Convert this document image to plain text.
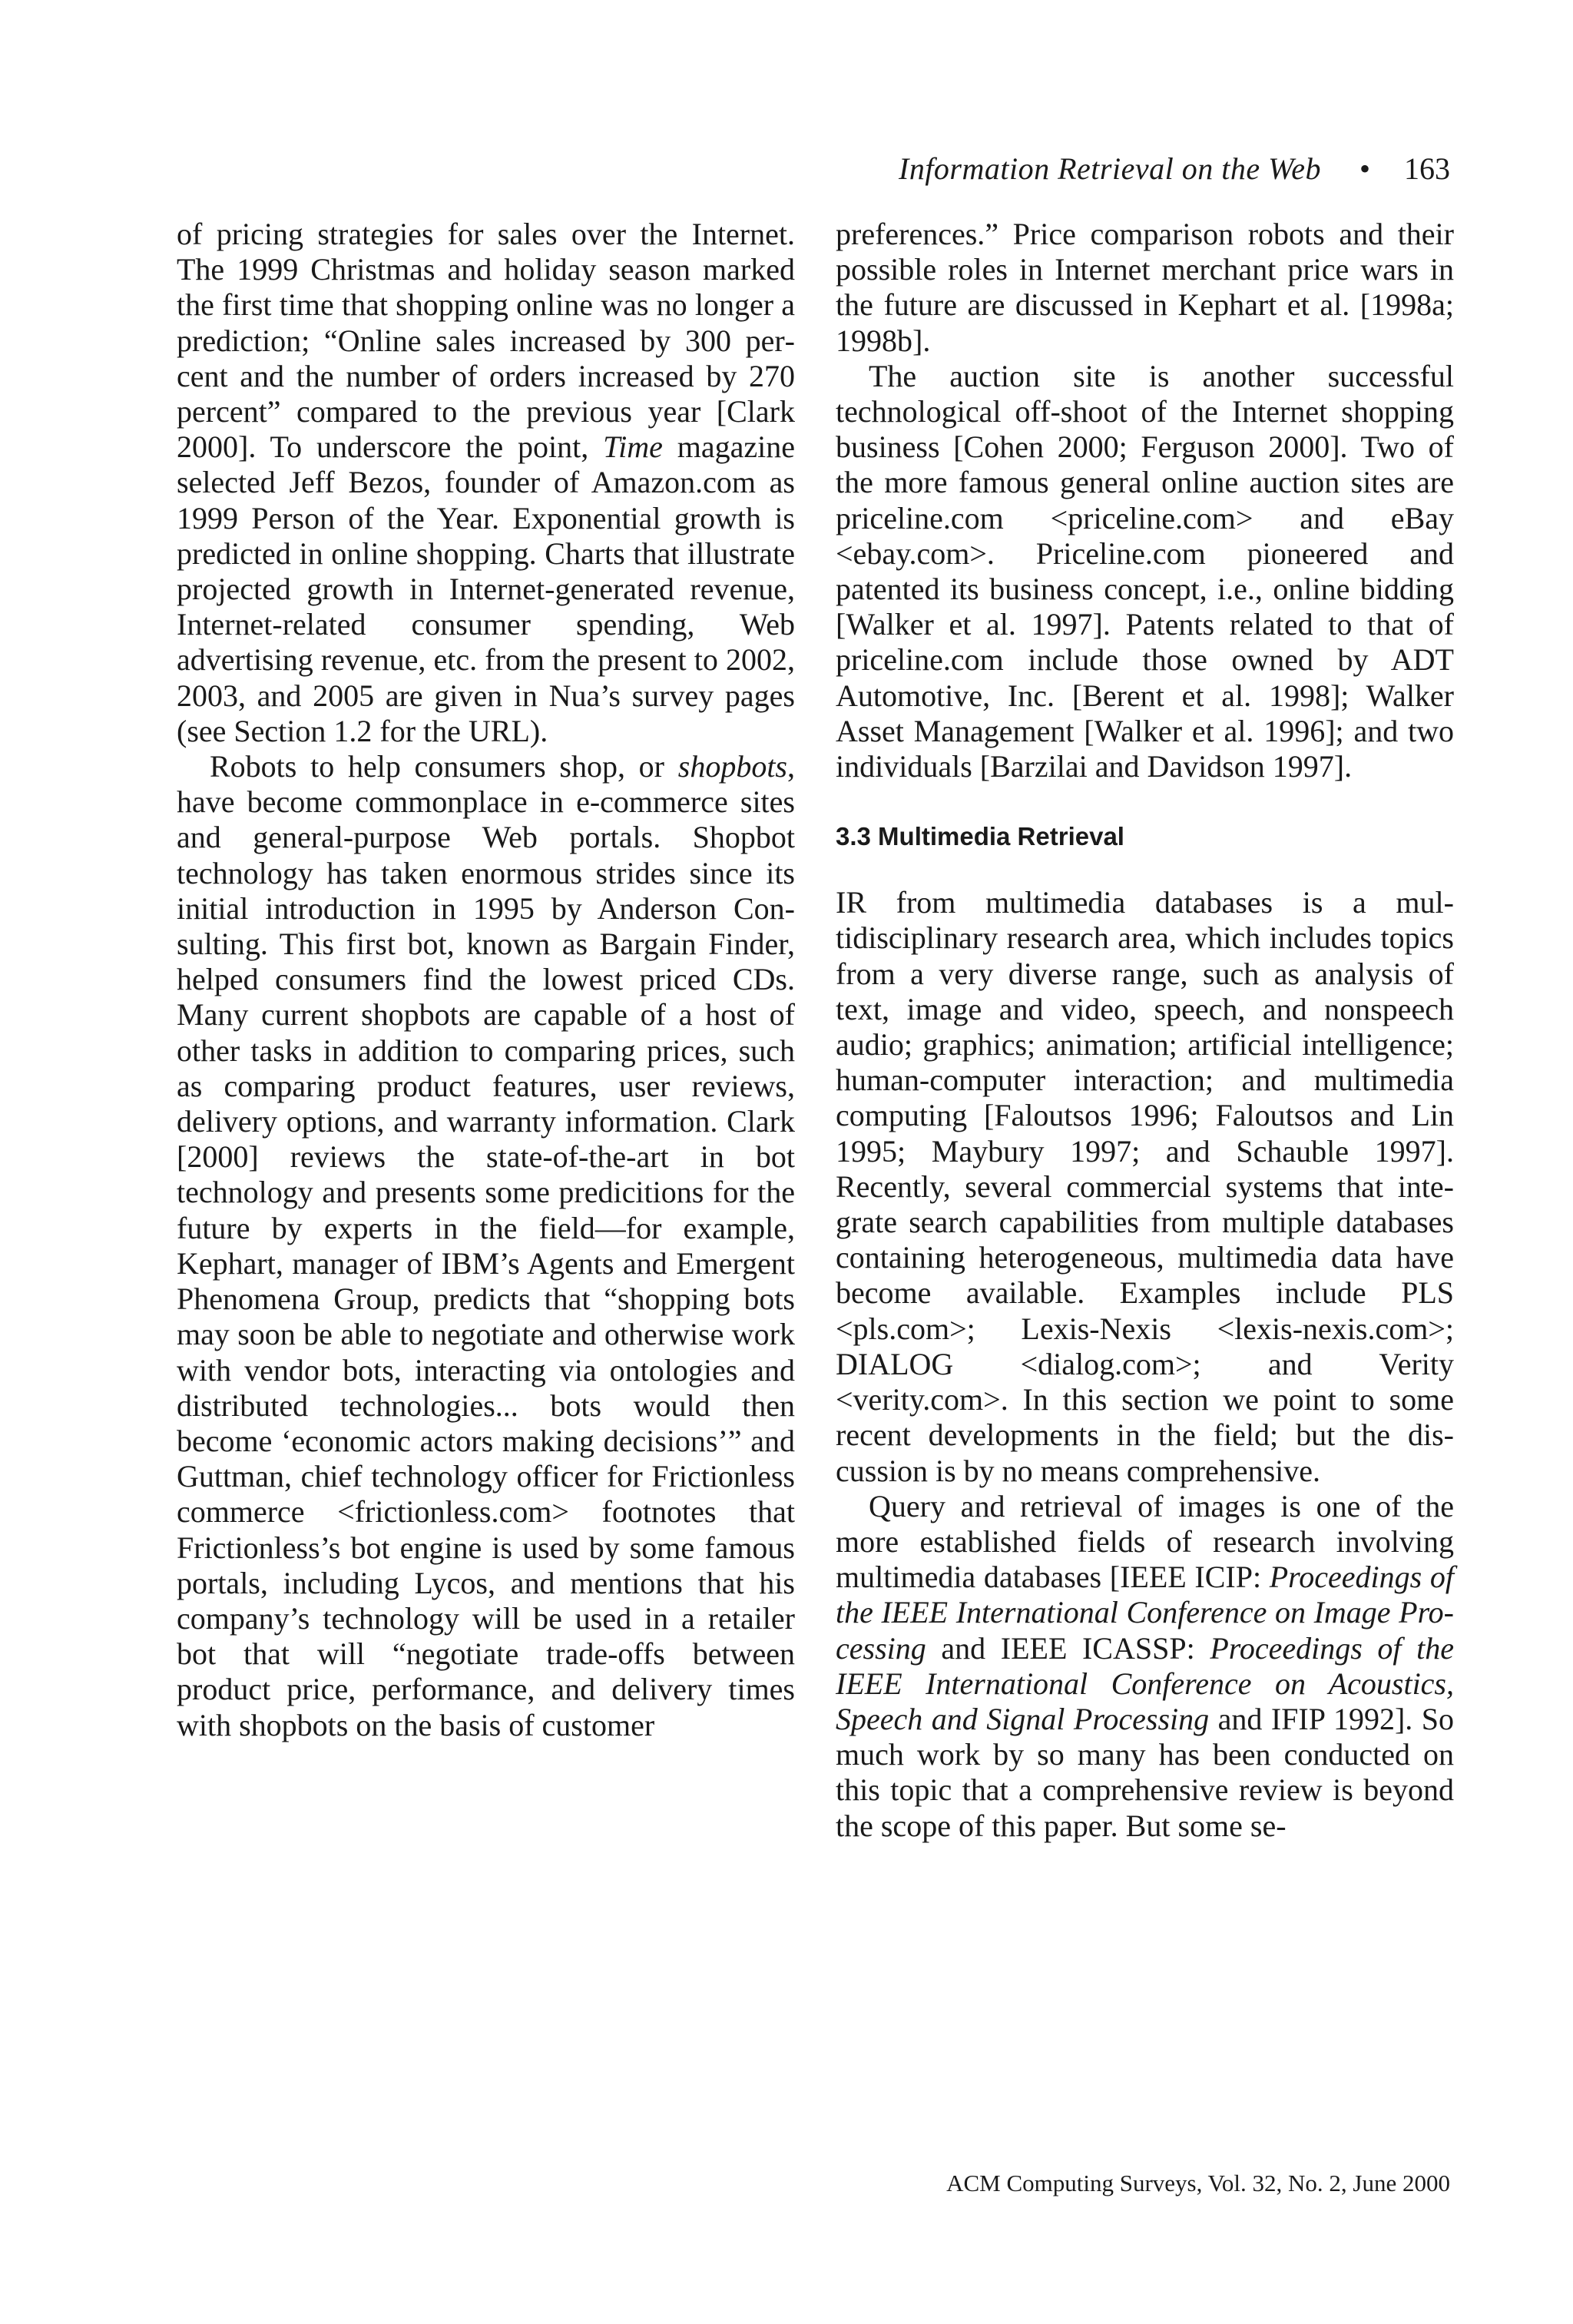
Information Retrieval on the Web • 163

of pricing strategies for sales over the Internet. The 1999 Christmas and holiday season marked the first time that shopping online was no longer a prediction; “Online sales increased by 300 percent and the number of orders increased by 270 percent” compared to the previous year [Clark 2000]. To underscore the point, Time magazine selected Jeff Bezos, founder of Amazon.com as 1999 Person of the Year. Exponential growth is predicted in online shopping. Charts that illustrate projected growth in Internet-generated revenue, Internet-related consumer spending, Web advertising revenue, etc. from the present to 2002, 2003, and 2005 are given in Nua’s survey pages (see Section 1.2 for the URL).

Robots to help consumers shop, or shopbots, have become commonplace in e-commerce sites and general-purpose Web portals. Shopbot technology has taken enormous strides since its initial introduction in 1995 by Anderson Consulting. This first bot, known as Bargain Finder, helped consumers find the lowest priced CDs. Many current shopbots are capable of a host of other tasks in addition to comparing prices, such as comparing product features, user reviews, delivery options, and warranty information. Clark [2000] reviews the state-of-the-art in bot technology and presents some predicitions for the future by experts in the field—for example, Kephart, manager of IBM’s Agents and Emergent Phenomena Group, predicts that “shopping bots may soon be able to negotiate and otherwise work with vendor bots, interacting via ontologies and distributed technologies... bots would then become ‘economic actors making decisions’” and Guttman, chief technology officer for Frictionless commerce <frictionless.com> footnotes that Frictionless’s bot engine is used by some famous portals, including Lycos, and mentions that his company’s technology will be used in a retailer bot that will “negotiate trade-offs between product price, performance, and delivery times with shopbots on the basis of customer

preferences.” Price comparison robots and their possible roles in Internet merchant price wars in the future are discussed in Kephart et al. [1998a; 1998b].

The auction site is another successful technological off-shoot of the Internet shopping business [Cohen 2000; Ferguson 2000]. Two of the more famous general online auction sites are priceline.com <priceline.com> and eBay <ebay.com>. Priceline.com pioneered and patented its business concept, i.e., online bidding [Walker et al. 1997]. Patents related to that of priceline.com include those owned by ADT Automotive, Inc. [Berent et al. 1998]; Walker Asset Management [Walker et al. 1996]; and two individuals [Barzilai and Davidson 1997].

3.3 Multimedia Retrieval

IR from multimedia databases is a multidisciplinary research area, which includes topics from a very diverse range, such as analysis of text, image and video, speech, and nonspeech audio; graphics; animation; artificial intelligence; human-computer interaction; and multimedia computing [Faloutsos 1996; Faloutsos and Lin 1995; Maybury 1997; and Schauble 1997]. Recently, several commercial systems that integrate search capabilities from multiple databases containing heterogeneous, multimedia data have become available. Examples include PLS <pls.com>; Lexis-Nexis <lexis-nexis.com>; DIALOG <dialog.com>; and Verity <verity.com>. In this section we point to some recent developments in the field; but the discussion is by no means comprehensive.

Query and retrieval of images is one of the more established fields of research involving multimedia databases [IEEE ICIP: Proceedings of the IEEE International Conference on Image Processing and IEEE ICASSP: Proceedings of the IEEE International Conference on Acoustics, Speech and Signal Processing and IFIP 1992]. So much work by so many has been conducted on this topic that a comprehensive review is beyond the scope of this paper. But some se-

ACM Computing Surveys, Vol. 32, No. 2, June 2000
